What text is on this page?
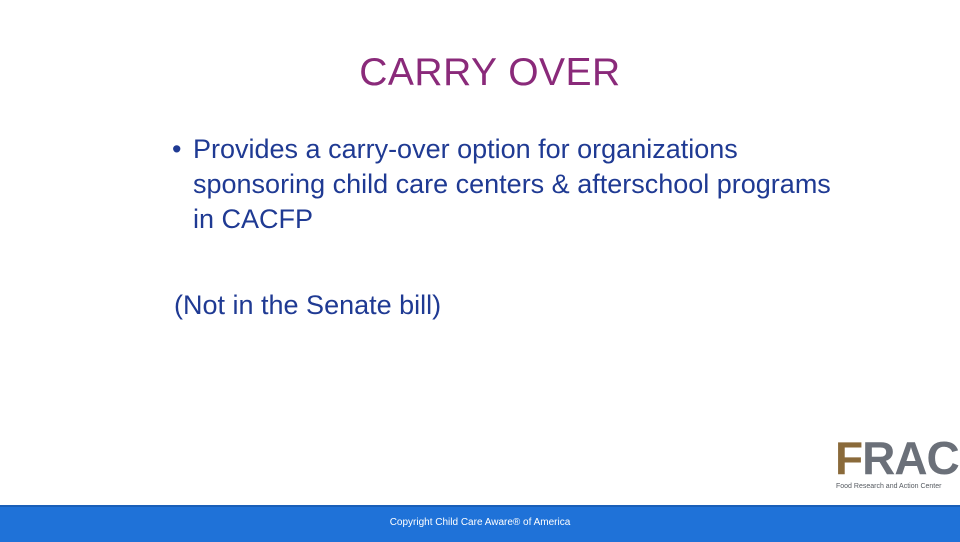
CARRY OVER
• Provides a carry-over option for organizations sponsoring child care centers & afterschool programs in CACFP
(Not in the Senate bill)
FRAC
Food Research and Action Center
Copyright Child Care Aware® of America
